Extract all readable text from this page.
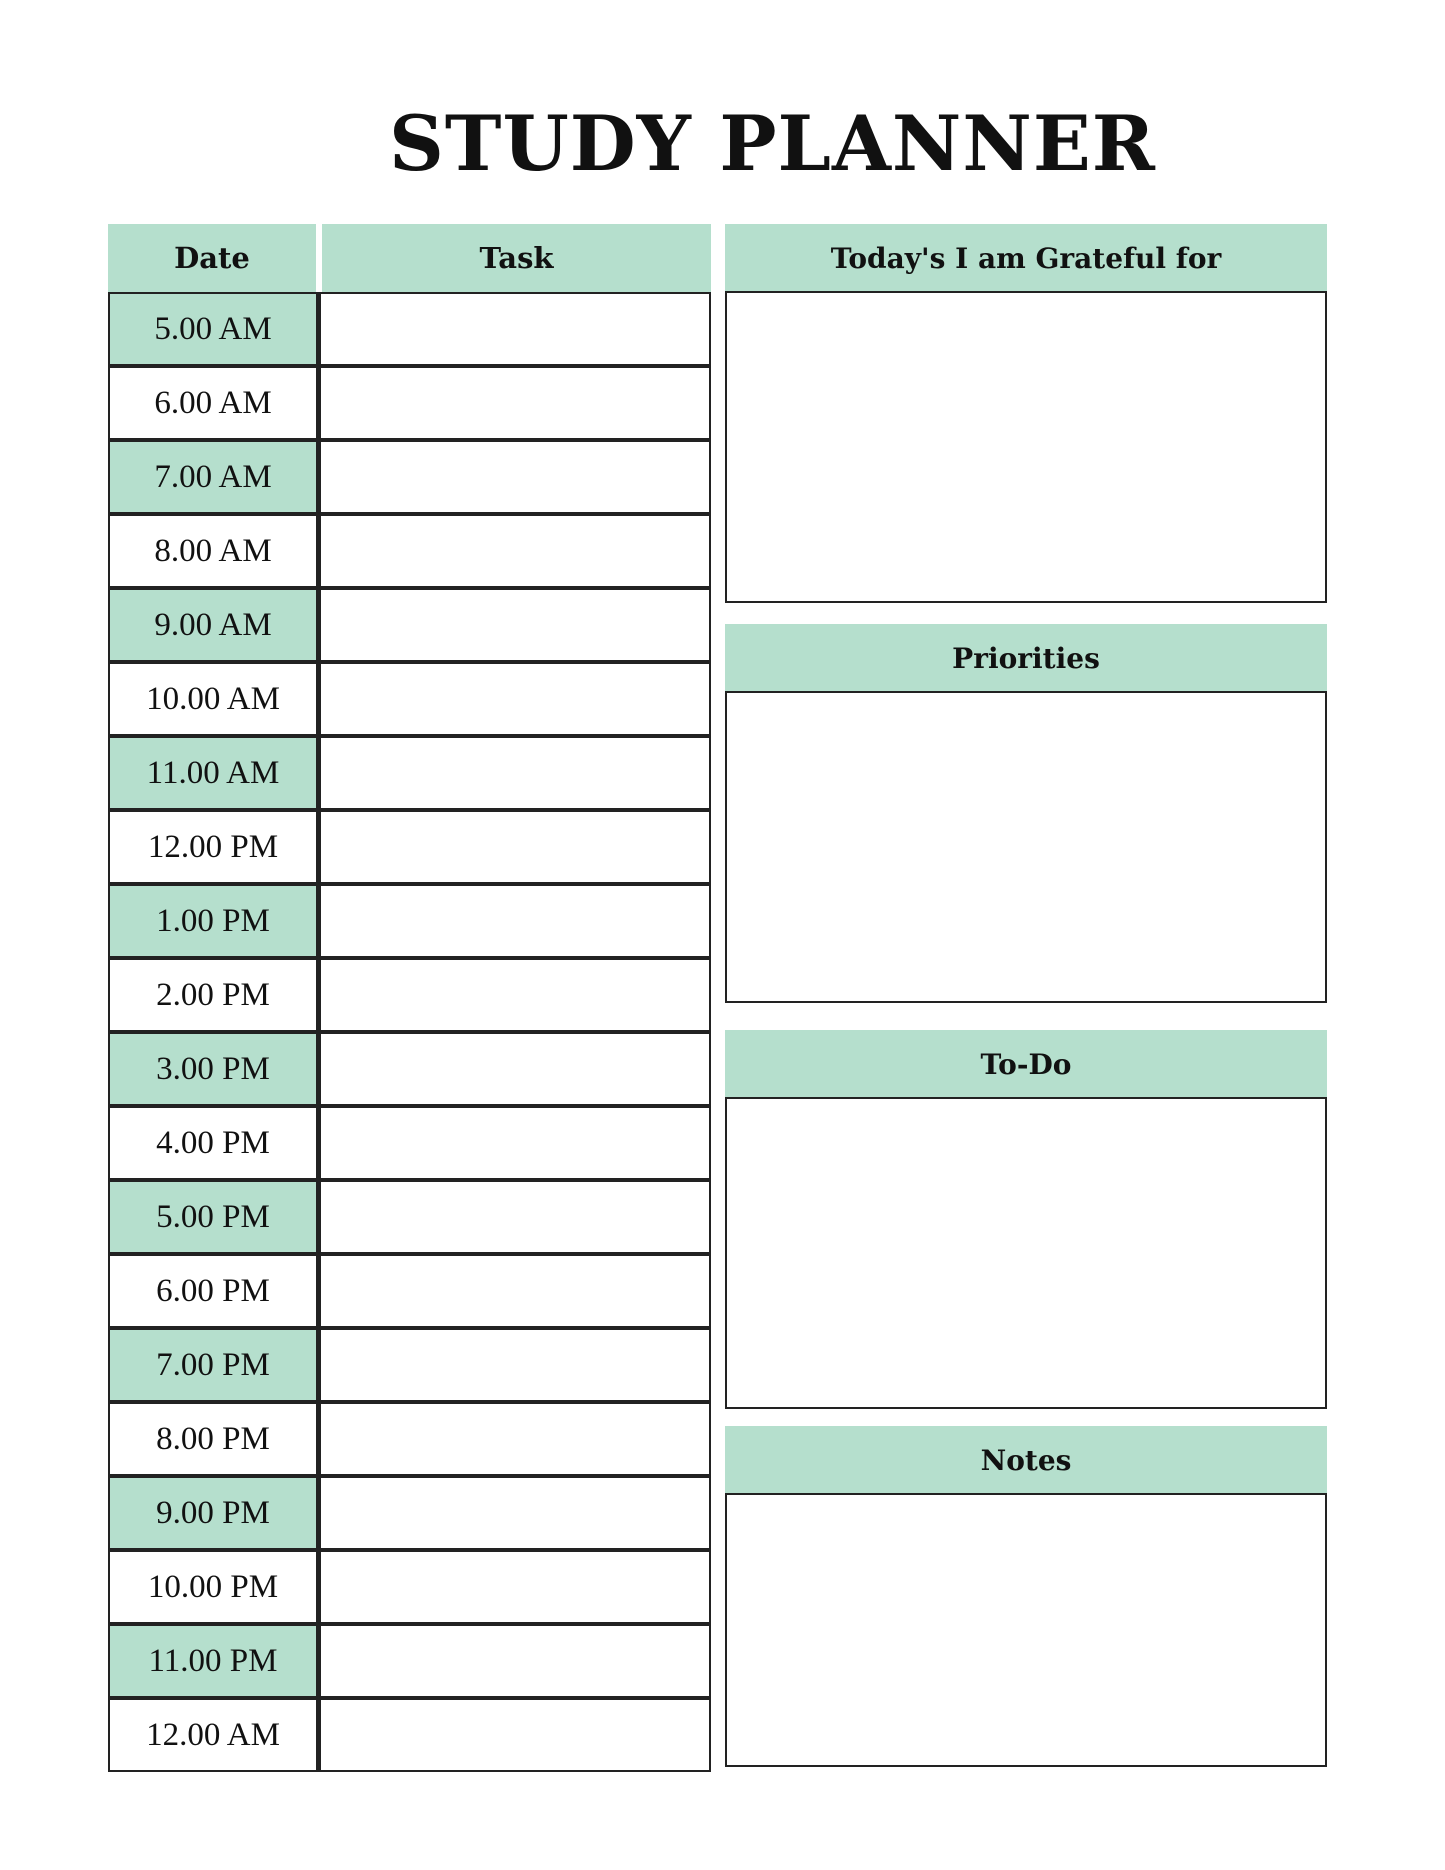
STUDY PLANNER
Date	Task
5.00 AM
6.00 AM
7.00 AM
8.00 AM
9.00 AM
10.00 AM
11.00 AM
12.00 PM
1.00 PM
2.00 PM
3.00 PM
4.00 PM
5.00 PM
6.00 PM
7.00 PM
8.00 PM
9.00 PM
10.00 PM
11.00 PM
12.00 AM
Today's I am Grateful for
Priorities
To-Do
Notes
